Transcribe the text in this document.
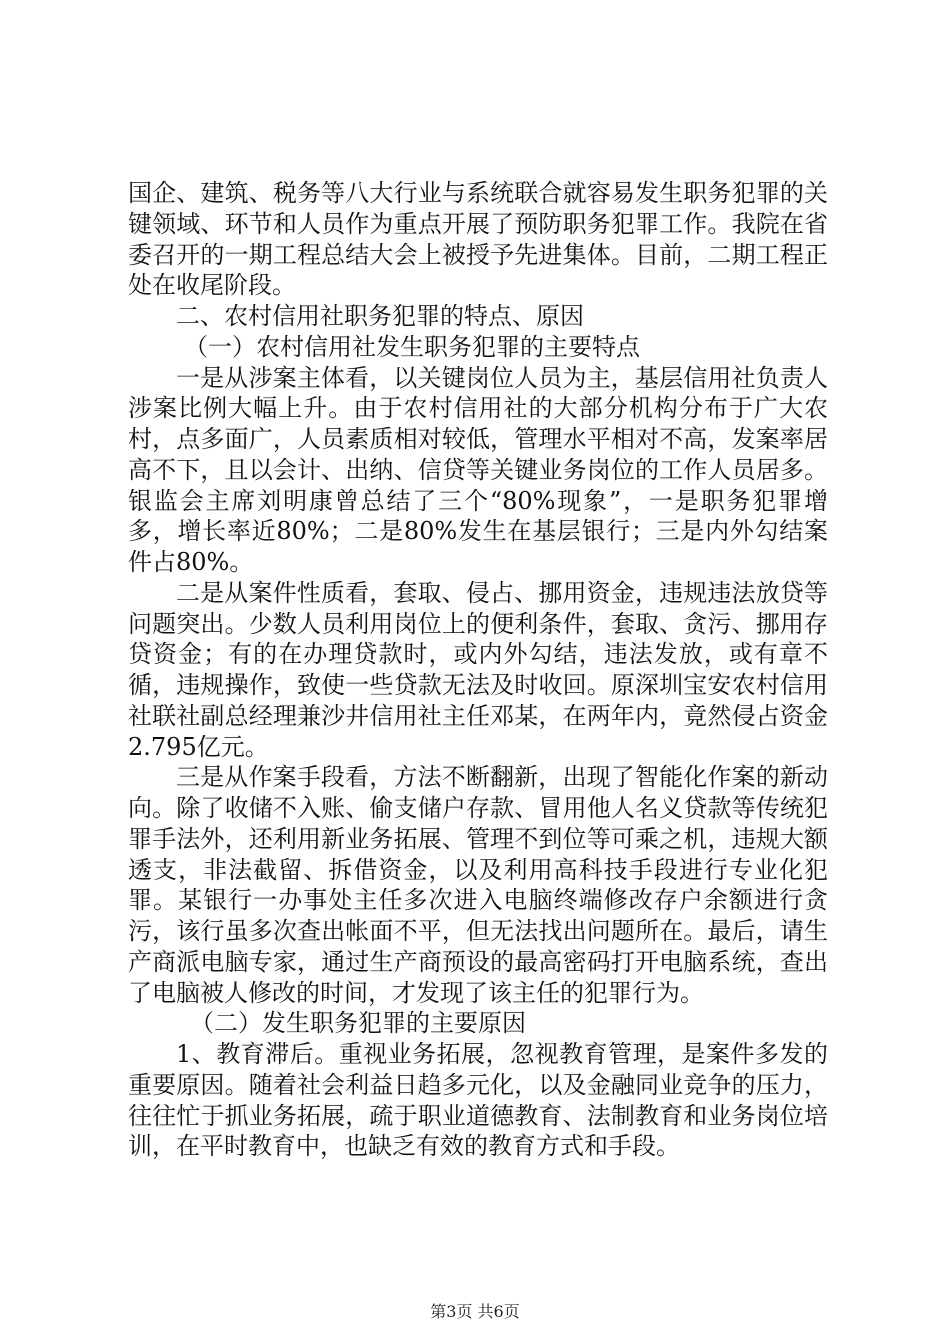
国企、建筑、税务等八大行业与系统联合就容易发生职务犯罪的关键领域、环节和人员作为重点开展了预防职务犯罪工作。我院在省委召开的一期工程总结大会上被授予先进集体。目前，二期工程正处在收尾阶段。

二、农村信用社职务犯罪的特点、原因

（一）农村信用社发生职务犯罪的主要特点

一是从涉案主体看，以关键岗位人员为主，基层信用社负责人涉案比例大幅上升。由于农村信用社的大部分机构分布于广大农村，点多面广，人员素质相对较低，管理水平相对不高，发案率居高不下，且以会计、出纳、信贷等关键业务岗位的工作人员居多。银监会主席刘明康曾总结了三个“80%现象”，一是职务犯罪增多，增长率近80%；二是80%发生在基层银行；三是内外勾结案件占80%。

二是从案件性质看，套取、侵占、挪用资金，违规违法放贷等问题突出。少数人员利用岗位上的便利条件，套取、贪污、挪用存贷资金；有的在办理贷款时，或内外勾结，违法发放，或有章不循，违规操作，致使一些贷款无法及时收回。原深圳宝安农村信用社联社副总经理兼沙井信用社主任邓某，在两年内，竟然侵占资金2.795亿元。

三是从作案手段看，方法不断翻新，出现了智能化作案的新动向。除了收储不入账、偷支储户存款、冒用他人名义贷款等传统犯罪手法外，还利用新业务拓展、管理不到位等可乘之机，违规大额透支，非法截留、拆借资金，以及利用高科技手段进行专业化犯罪。某银行一办事处主任多次进入电脑终端修改存户余额进行贪污，该行虽多次查出帐面不平，但无法找出问题所在。最后，请生产商派电脑专家，通过生产商预设的最高密码打开电脑系统，查出了电脑被人修改的时间，才发现了该主任的犯罪行为。

（二）发生职务犯罪的主要原因

1、教育滞后。重视业务拓展，忽视教育管理，是案件多发的重要原因。随着社会利益日趋多元化，以及金融同业竞争的压力，往往忙于抓业务拓展，疏于职业道德教育、法制教育和业务岗位培训，在平时教育中，也缺乏有效的教育方式和手段。

第3页 共6页
